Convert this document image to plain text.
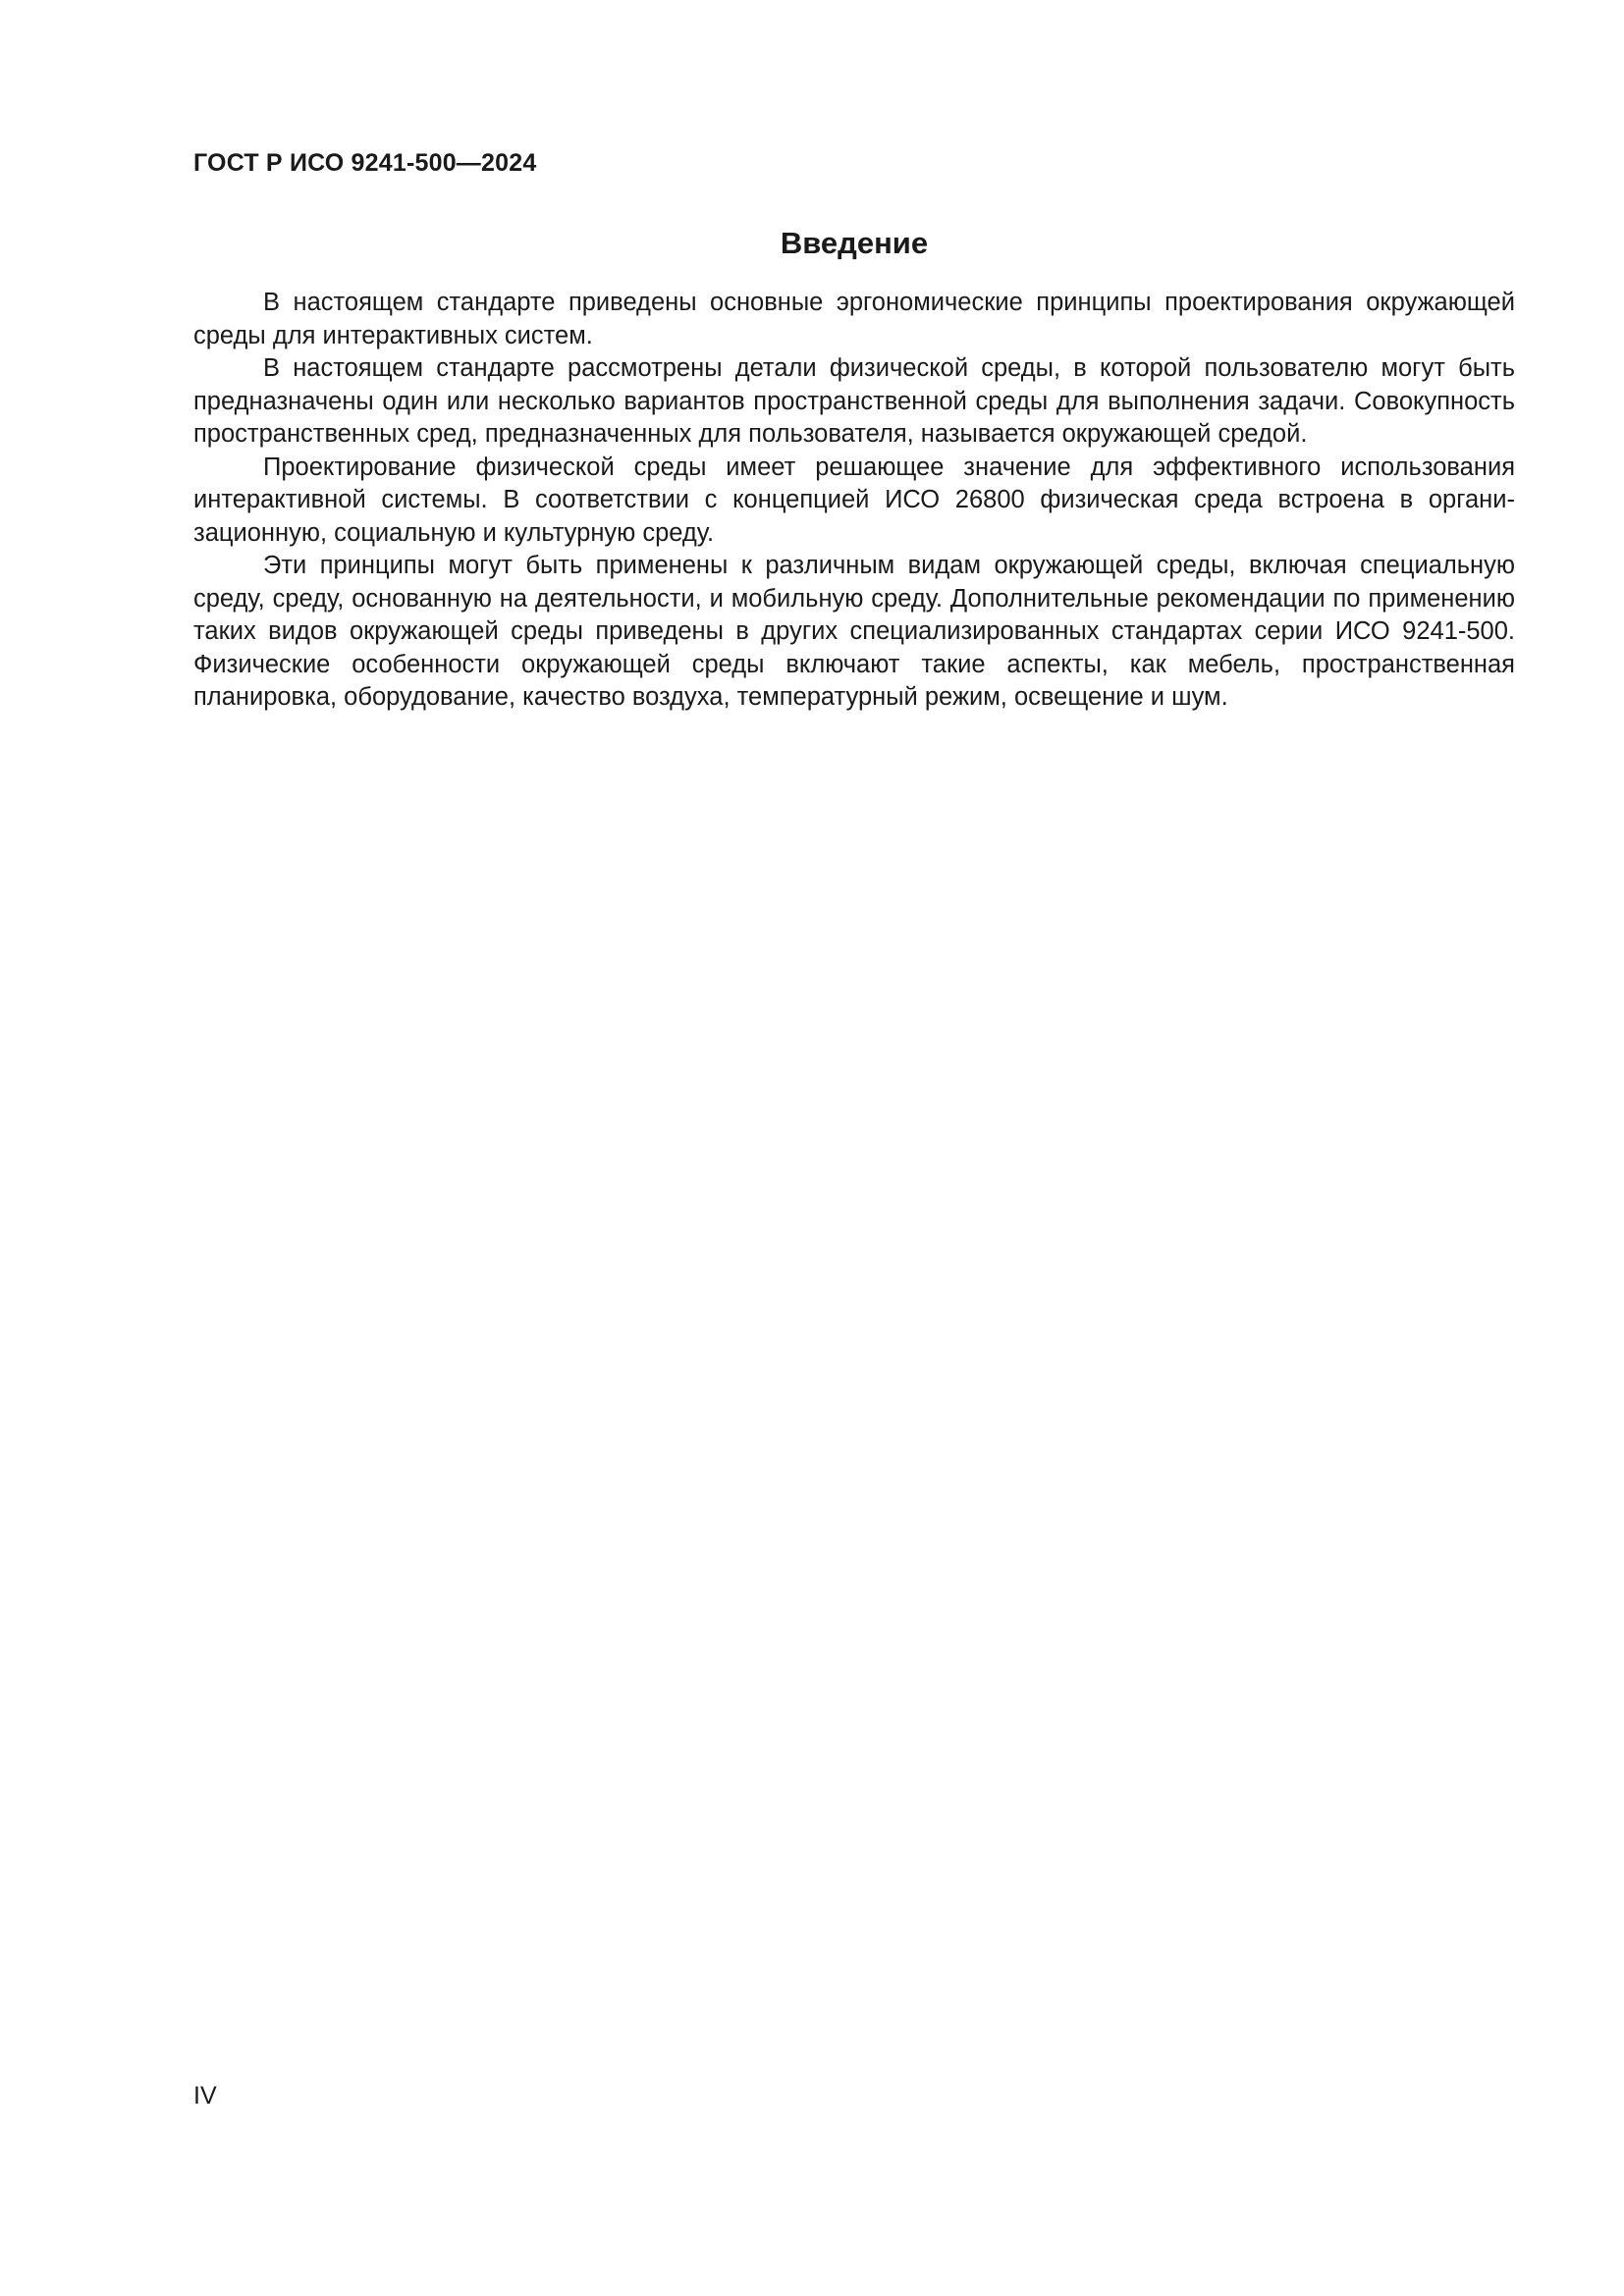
ГОСТ Р ИСО 9241-500—2024

Введение

В настоящем стандарте приведены основные эргономические принципы проектирования окружающей среды для интерактивных систем.

В настоящем стандарте рассмотрены детали физической среды, в которой пользователю могут быть предназначены один или несколько вариантов пространственной среды для выполнения задачи. Совокупность пространственных сред, предназначенных для пользователя, называется окружающей средой.

Проектирование физической среды имеет решающее значение для эффективного использования интерактивной системы. В соответствии с концепцией ИСО 26800 физическая среда встроена в организационную, социальную и культурную среду.

Эти принципы могут быть применены к различным видам окружающей среды, включая специальную среду, среду, основанную на деятельности, и мобильную среду. Дополнительные рекомендации по применению таких видов окружающей среды приведены в других специализированных стандартах серии ИСО 9241-500. Физические особенности окружающей среды включают такие аспекты, как мебель, пространственная планировка, оборудование, качество воздуха, температурный режим, освещение и шум.

IV
